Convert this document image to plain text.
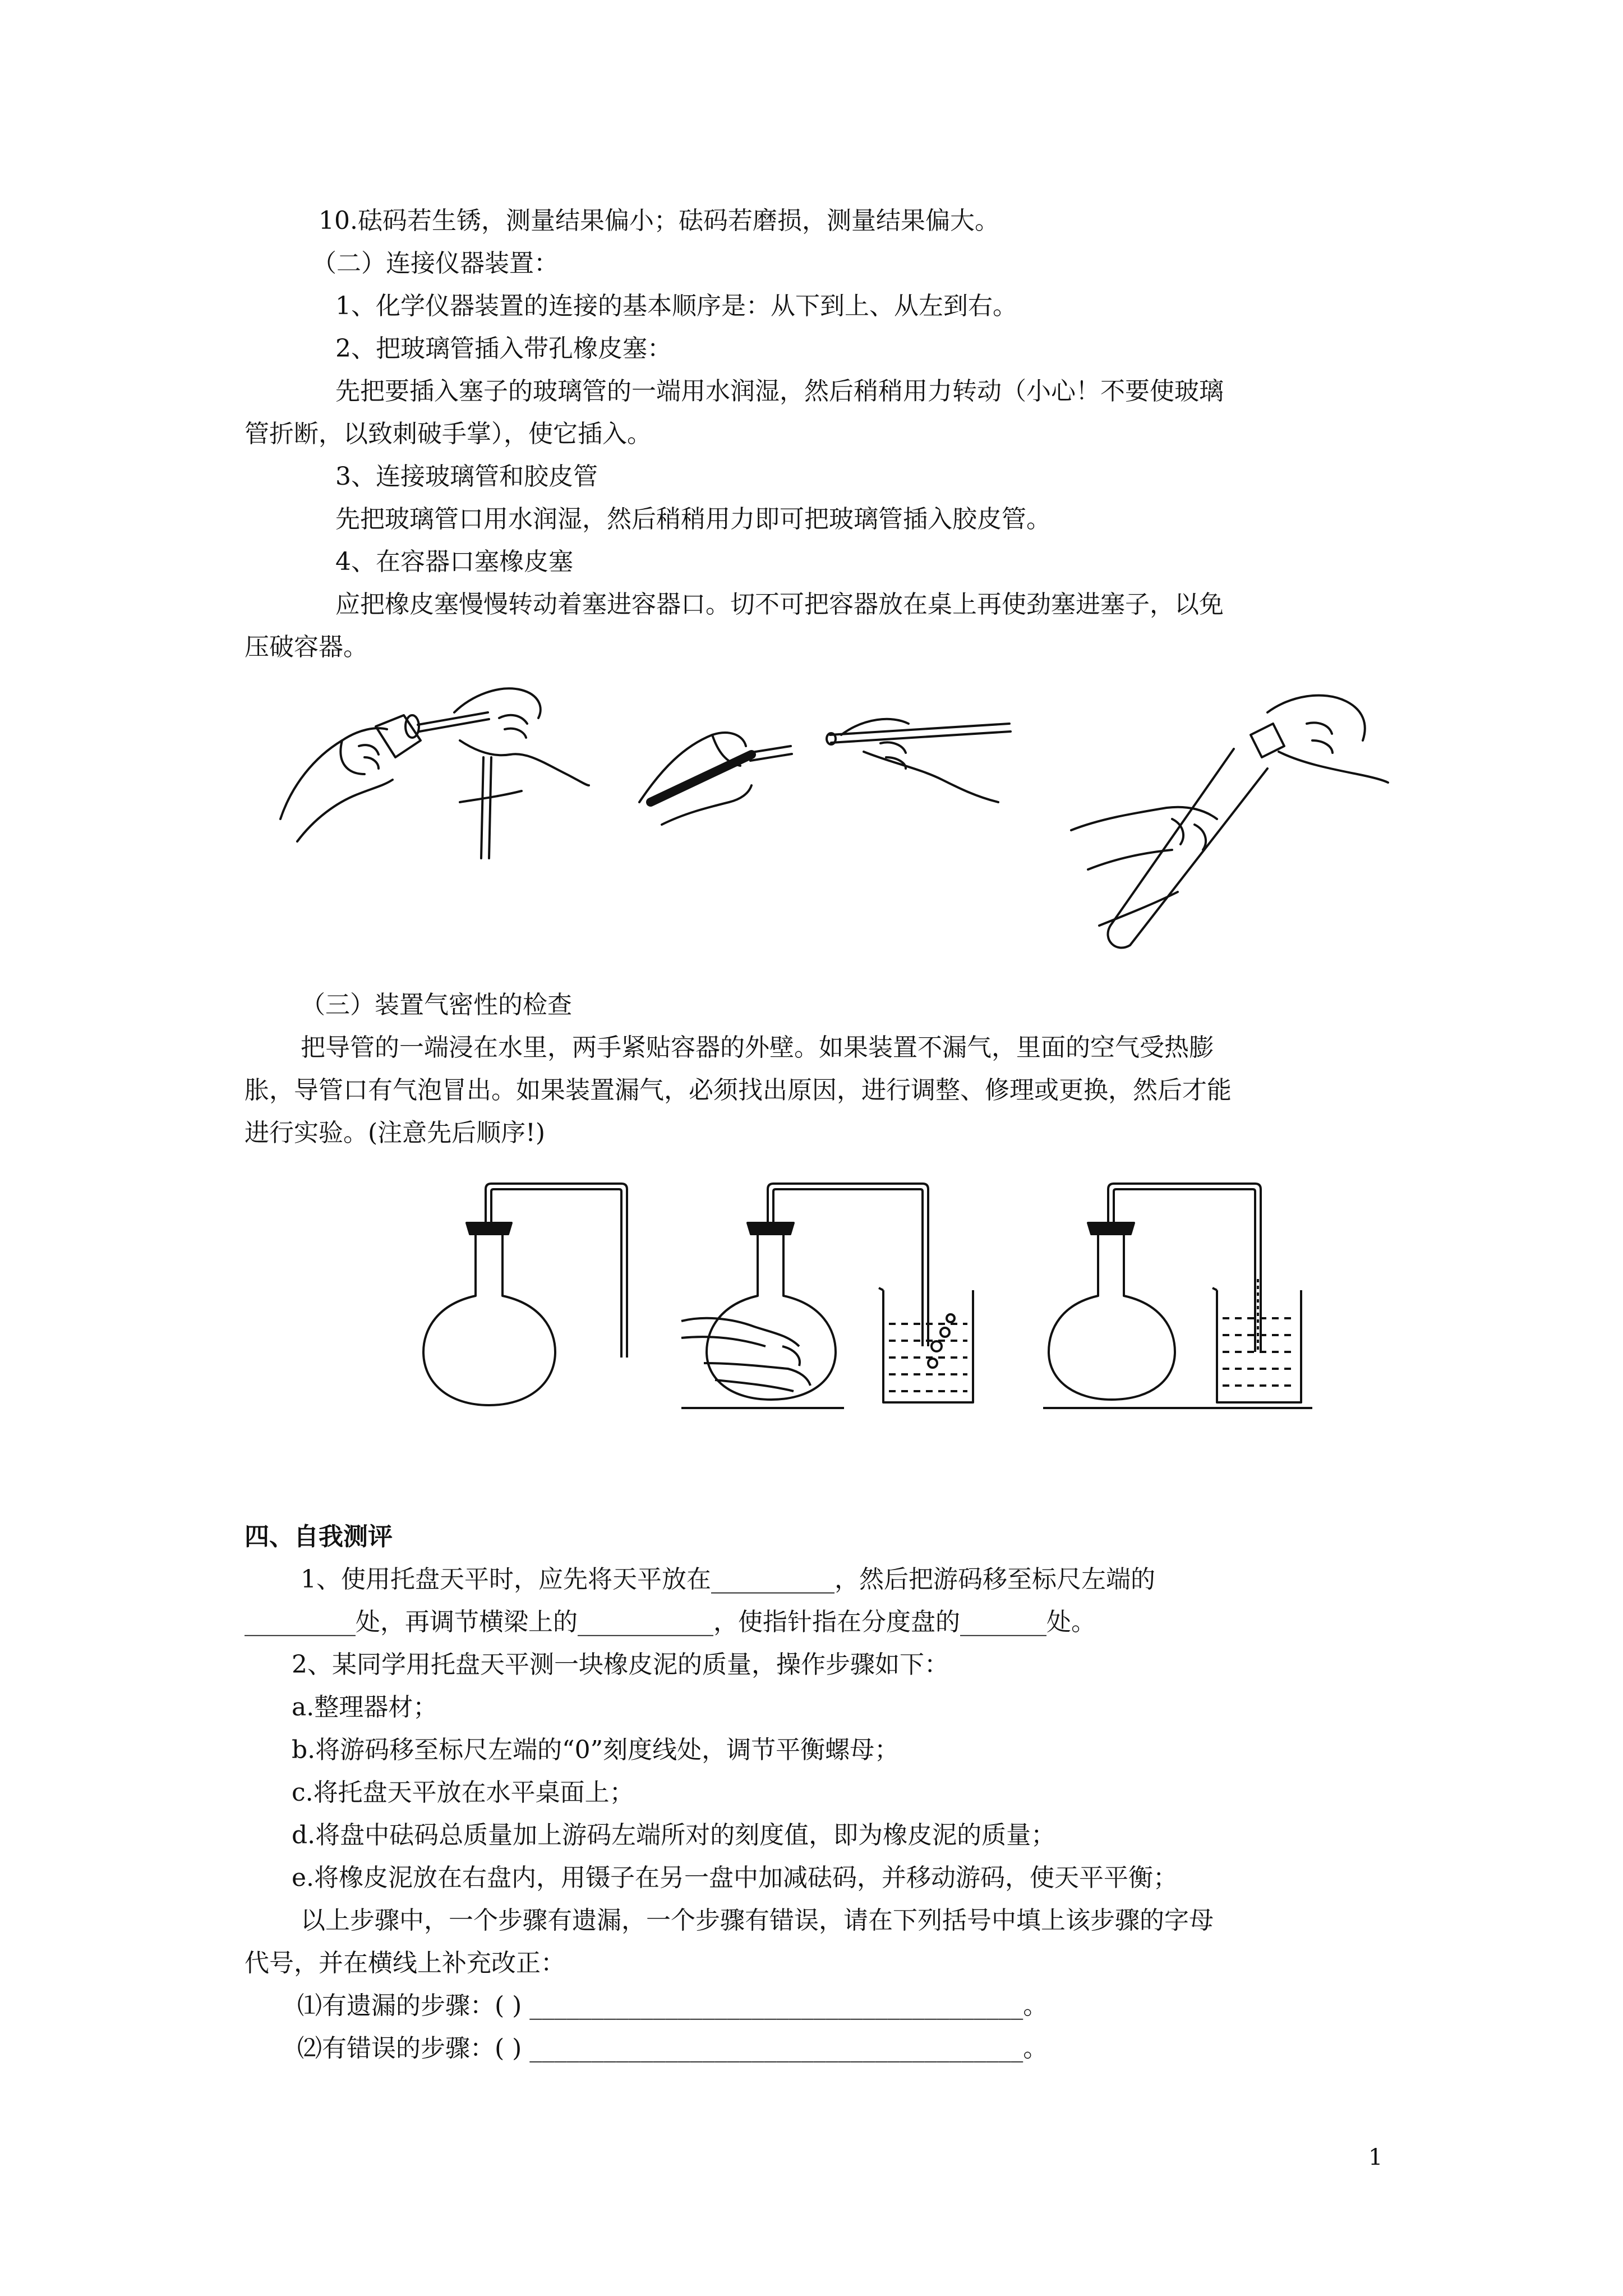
10.砝码若生锈，测量结果偏小；砝码若磨损，测量结果偏大。
（二）连接仪器装置：
1、化学仪器装置的连接的基本顺序是：从下到上、从左到右。
2、把玻璃管插入带孔橡皮塞：
先把要插入塞子的玻璃管的一端用水润湿，然后稍稍用力转动（小心！不要使玻璃
管折断，以致刺破手掌），使它插入。
3、连接玻璃管和胶皮管
先把玻璃管口用水润湿，然后稍稍用力即可把玻璃管插入胶皮管。
4、在容器口塞橡皮塞
应把橡皮塞慢慢转动着塞进容器口。切不可把容器放在桌上再使劲塞进塞子，以免
压破容器。
（三）装置气密性的检查
把导管的一端浸在水里，两手紧贴容器的外壁。如果装置不漏气，里面的空气受热膨
胀，导管口有气泡冒出。如果装置漏气，必须找出原因，进行调整、修理或更换，然后才能
进行实验。(注意先后顺序!)
四、自我测评
1、使用托盘天平时，应先将天平放在__________，然后把游码移至标尺左端的
_________处，再调节横梁上的___________，使指针指在分度盘的_______处。
2、某同学用托盘天平测一块橡皮泥的质量，操作步骤如下：
a.整理器材；
b.将游码移至标尺左端的“0”刻度线处，调节平衡螺母；
c.将托盘天平放在水平桌面上；
d.将盘中砝码总质量加上游码左端所对的刻度值，即为橡皮泥的质量；
e.将橡皮泥放在右盘内，用镊子在另一盘中加减砝码，并移动游码，使天平平衡；
以上步骤中，一个步骤有遗漏，一个步骤有错误，请在下列括号中填上该步骤的字母
代号，并在横线上补充改正：
⑴有遗漏的步骤：( ) ________________________________________。
⑵有错误的步骤：( ) ________________________________________。
1
